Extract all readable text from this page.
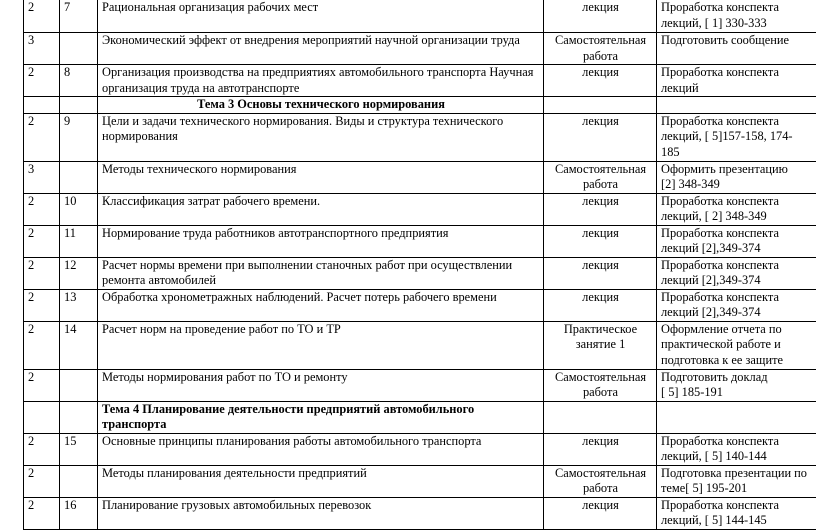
2	7	Рациональная организация рабочих мест	лекция	Проработка конспекта
лекций, [ 1] 330-333
3		Экономический эффект от внедрения мероприятий научной организации труда	Самостоятельная
работа	Подготовить сообщение
2	8	Организация производства на предприятиях автомобильного транспорта Научная организация труда на автотранспорте	лекция	Проработка конспекта
лекций
		Тема 3 Основы технического нормирования		
2	9	Цели и задачи технического нормирования. Виды и структура технического нормирования	лекция	Проработка конспекта
лекций, [ 5]157-158, 174-
185
3		Методы технического нормирования	Самостоятельная
работа	Оформить презентацию
[2] 348-349
2	10	Классификация затрат рабочего времени.	лекция	Проработка конспекта
лекций, [ 2] 348-349
2	11	Нормирование труда работников автотранспортного предприятия	лекция	Проработка конспекта
лекций [2],349-374
2	12	Расчет нормы времени при выполнении станочных работ при осуществлении ремонта автомобилей	лекция	Проработка конспекта
лекций [2],349-374
2	13	Обработка хронометражных наблюдений. Расчет потерь рабочего времени	лекция	Проработка конспекта
лекций [2],349-374
2	14	Расчет норм на проведение работ по ТО и ТР	Практическое
занятие 1	Оформление отчета по
практической работе и
подготовка к ее защите
2		Методы нормирования работ по ТО и ремонту	Самостоятельная
работа	Подготовить доклад
[ 5] 185-191
		Тема 4 Планирование деятельности предприятий автомобильного транспорта		
2	15	Основные принципы планирования работы автомобильного транспорта	лекция	Проработка конспекта
лекций, [ 5] 140-144
2		Методы планирования деятельности предприятий	Самостоятельная
работа	Подготовка презентации по
теме[ 5] 195-201
2	16	Планирование грузовых автомобильных перевозок	лекция	Проработка конспекта
лекций, [ 5] 144-145
